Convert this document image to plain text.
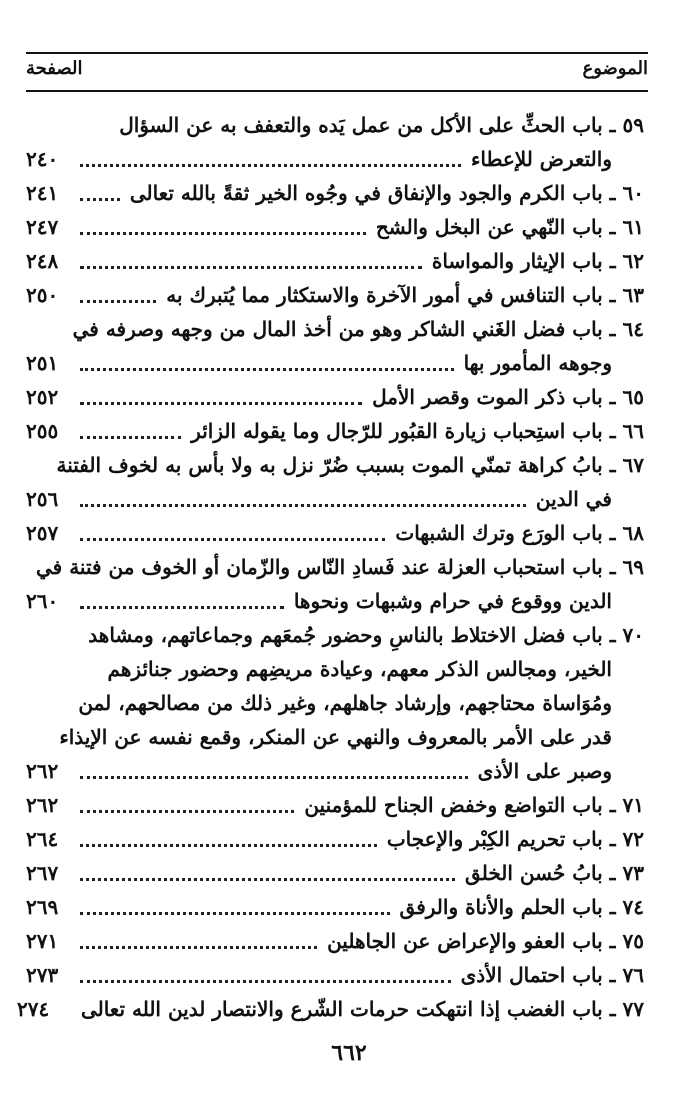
الموضوع
الصفحة
٥٩ ـ باب الحثِّ على الأكل من عمل يَده والتعفف به عن السؤال
والتعرض للإعطاء
٢٤٠
٦٠ ـ باب الكرم والجود والإنفاق في وجُوه الخير ثقةً بالله تعالى
٢٤١
٦١ ـ باب النّهي عن البخل والشح
٢٤٧
٦٢ ـ باب الإيثار والمواساة
٢٤٨
٦٣ ـ باب التنافس في أمور الآخرة والاستكثار مما يُتبرك به
٢٥٠
٦٤ ـ باب فضل الغَني الشاكر وهو من أخذ المال من وجهه وصرفه في
وجوهه المأمور بها
٢٥١
٦٥ ـ باب ذكر الموت وقصر الأمل
٢٥٢
٦٦ ـ باب استِحباب زيارة القبُور للرّجال وما يقوله الزائر
٢٥٥
٦٧ ـ بابُ كراهة تمنّي الموت بسبب ضُرّ نزل به ولا بأس به لخوف الفتنة
في الدين
٢٥٦
٦٨ ـ باب الورَع وترك الشبهات
٢٥٧
٦٩ ـ باب استحباب العزلة عند فَسادِ النّاس والزّمان أو الخوف من فتنة في
الدين ووقوع في حرام وشبهات ونحوها
٢٦٠
٧٠ ـ باب فضل الاختلاط بالناسِ وحضور جُمعَهم وجماعاتهم، ومشاهد
الخير، ومجالس الذكر معهم، وعيادة مريضِهم وحضور جنائزهم
ومُوَاساة محتاجهم، وإرشاد جاهلهم، وغير ذلك من مصالحهم، لمن
قدر على الأمر بالمعروف والنهي عن المنكر، وقمع نفسه عن الإيذاء
وصبر على الأذى
٢٦٢
٧١ ـ باب التواضع وخفض الجناح للمؤمنين
٢٦٢
٧٢ ـ باب تحريم الكِبْر والإعجاب
٢٦٤
٧٣ ـ بابُ حُسن الخلق
٢٦٧
٧٤ ـ باب الحلم والأناة والرفق
٢٦٩
٧٥ ـ باب العفو والإعراض عن الجاهلين
٢٧١
٧٦ ـ باب احتمال الأذى
٢٧٣
٧٧ ـ باب الغضب إذا انتهكت حرمات الشّرع والانتصار لدين الله تعالى
٢٧٤
٦٦٢
